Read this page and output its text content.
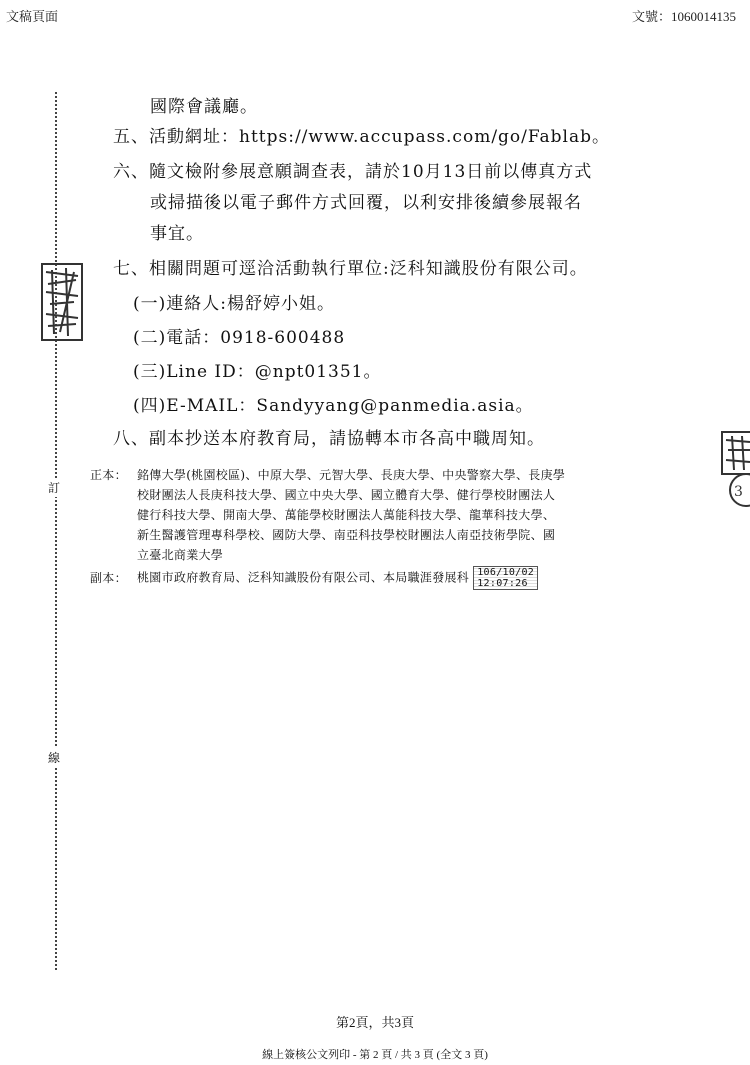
文稿頁面	文號：1060014135
訂
線
3
國際會議廳。
五、活動網址：https://www.accupass.com/go/Fablab。
六、隨文檢附參展意願調查表，請於10月13日前以傳真方式
或掃描後以電子郵件方式回覆，以利安排後續參展報名
事宜。
七、相關問題可逕洽活動執行單位:泛科知識股份有限公司。
(一)連絡人:楊舒婷小姐。
(二)電話：0918-600488
(三)Line ID：@npt01351。
(四)E-MAIL：Sandyyang@panmedia.asia。
八、副本抄送本府教育局，請協轉本市各高中職周知。
正本： 銘傳大學(桃園校區)、中原大學、元智大學、長庚大學、中央警察大學、長庚學
校財團法人長庚科技大學、國立中央大學、國立體育大學、健行學校財團法人
健行科技大學、開南大學、萬能學校財團法人萬能科技大學、龍華科技大學、
新生醫護管理專科學校、國防大學、南亞科技學校財團法人南亞技術學院、國
立臺北商業大學
副本： 桃園市政府教育局、泛科知識股份有限公司、本局職涯發展科 106/10/02
12:07:26
第2頁，共3頁
線上簽核公文列印 - 第 2 頁 / 共 3 頁 (全文 3 頁)
